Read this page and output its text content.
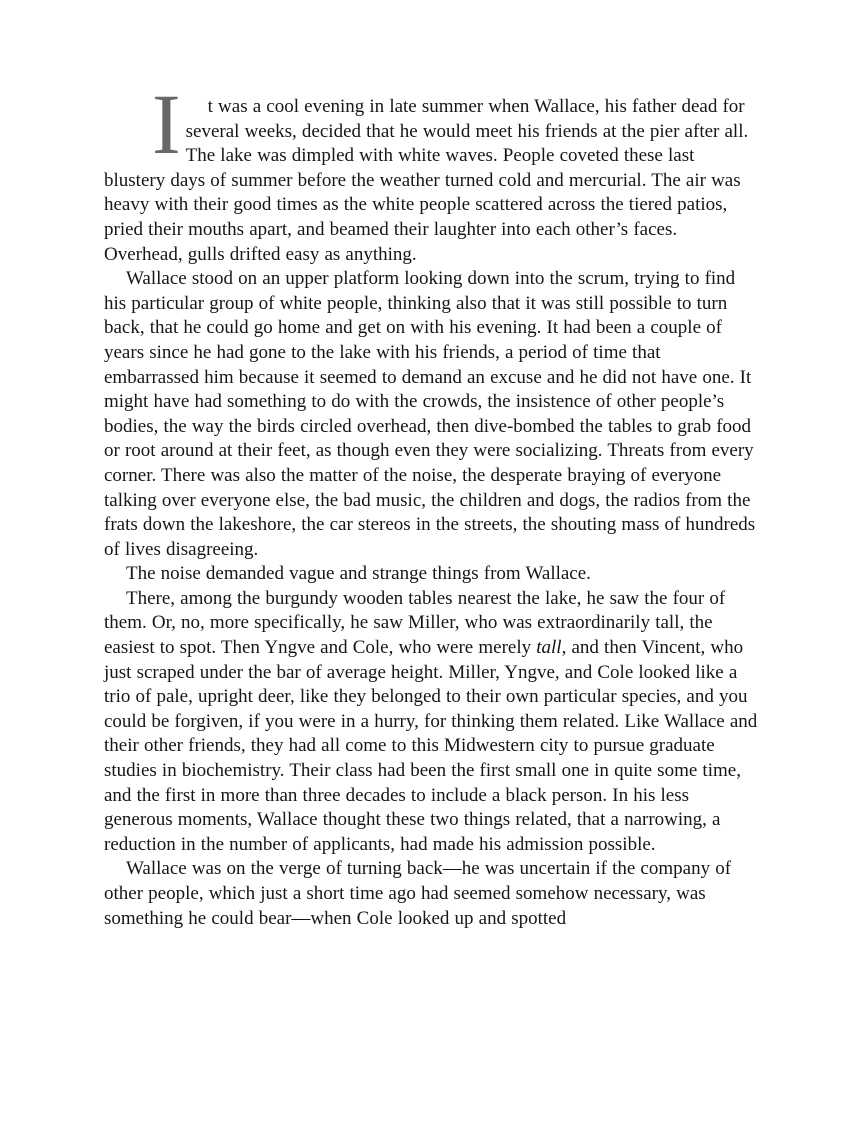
I t was a cool evening in late summer when Wallace, his father dead for several weeks, decided that he would meet his friends at the pier after all. The lake was dimpled with white waves. People coveted these last blustery days of summer before the weather turned cold and mercurial. The air was heavy with their good times as the white people scattered across the tiered patios, pried their mouths apart, and beamed their laughter into each other’s faces. Overhead, gulls drifted easy as anything.

Wallace stood on an upper platform looking down into the scrum, trying to find his particular group of white people, thinking also that it was still possible to turn back, that he could go home and get on with his evening. It had been a couple of years since he had gone to the lake with his friends, a period of time that embarrassed him because it seemed to demand an excuse and he did not have one. It might have had something to do with the crowds, the insistence of other people’s bodies, the way the birds circled overhead, then dive-bombed the tables to grab food or root around at their feet, as though even they were socializing. Threats from every corner. There was also the matter of the noise, the desperate braying of everyone talking over everyone else, the bad music, the children and dogs, the radios from the frats down the lakeshore, the car stereos in the streets, the shouting mass of hundreds of lives disagreeing.

The noise demanded vague and strange things from Wallace.

There, among the burgundy wooden tables nearest the lake, he saw the four of them. Or, no, more specifically, he saw Miller, who was extraordinarily tall, the easiest to spot. Then Yngve and Cole, who were merely tall, and then Vincent, who just scraped under the bar of average height. Miller, Yngve, and Cole looked like a trio of pale, upright deer, like they belonged to their own particular species, and you could be forgiven, if you were in a hurry, for thinking them related. Like Wallace and their other friends, they had all come to this Midwestern city to pursue graduate studies in biochemistry. Their class had been the first small one in quite some time, and the first in more than three decades to include a black person. In his less generous moments, Wallace thought these two things related, that a narrowing, a reduction in the number of applicants, had made his admission possible.

Wallace was on the verge of turning back—he was uncertain if the company of other people, which just a short time ago had seemed somehow necessary, was something he could bear—when Cole looked up and spotted
